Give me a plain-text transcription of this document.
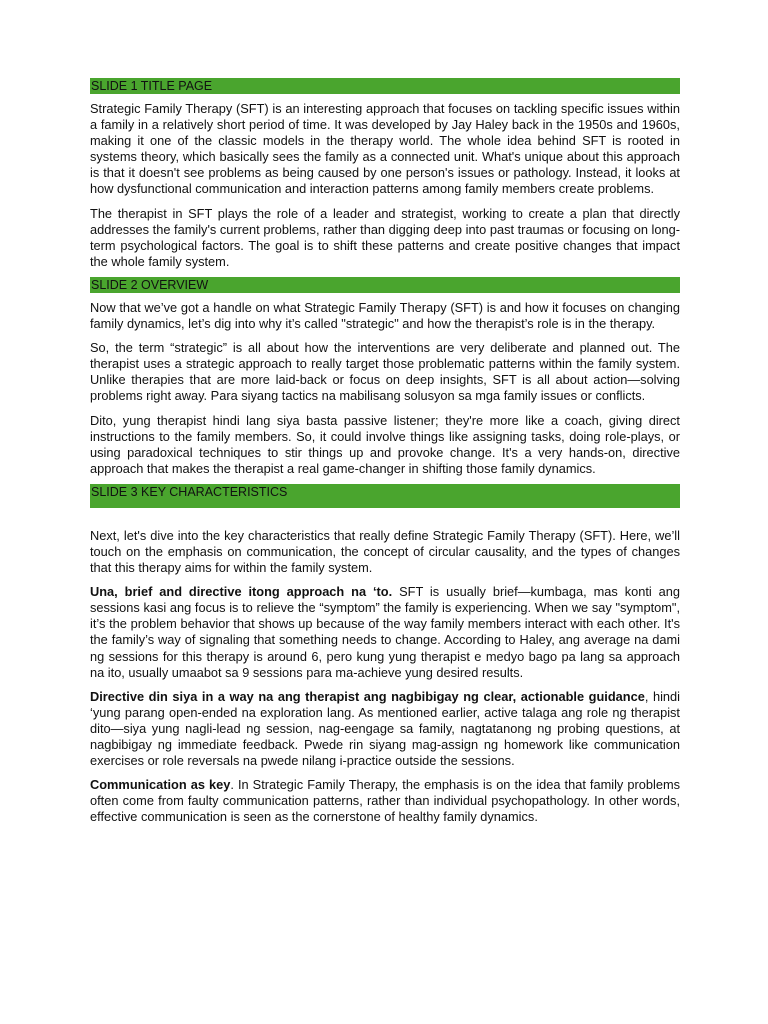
SLIDE 1 TITLE PAGE

Strategic Family Therapy (SFT) is an interesting approach that focuses on tackling specific issues within a family in a relatively short period of time. It was developed by Jay Haley back in the 1950s and 1960s, making it one of the classic models in the therapy world. The whole idea behind SFT is rooted in systems theory, which basically sees the family as a connected unit. What's unique about this approach is that it doesn't see problems as being caused by one person's issues or pathology. Instead, it looks at how dysfunctional communication and interaction patterns among family members create problems.

The therapist in SFT plays the role of a leader and strategist, working to create a plan that directly addresses the family's current problems, rather than digging deep into past traumas or focusing on long-term psychological factors. The goal is to shift these patterns and create positive changes that impact the whole family system.

SLIDE 2 OVERVIEW

Now that we’ve got a handle on what Strategic Family Therapy (SFT) is and how it focuses on changing family dynamics, let’s dig into why it’s called "strategic" and how the therapist’s role is in the therapy.

So, the term “strategic” is all about how the interventions are very deliberate and planned out. The therapist uses a strategic approach to really target those problematic patterns within the family system. Unlike therapies that are more laid-back or focus on deep insights, SFT is all about action—solving problems right away. Para siyang tactics na mabilisang solusyon sa mga family issues or conflicts.

Dito, yung therapist hindi lang siya basta passive listener; they're more like a coach, giving direct instructions to the family members. So, it could involve things like assigning tasks, doing role-plays, or using paradoxical techniques to stir things up and provoke change. It's a very hands-on, directive approach that makes the therapist a real game-changer in shifting those family dynamics.

SLIDE 3 KEY CHARACTERISTICS

Next, let's dive into the key characteristics that really define Strategic Family Therapy (SFT). Here, we’ll touch on the emphasis on communication, the concept of circular causality, and the types of changes that this therapy aims for within the family system.

Una, brief and directive itong approach na ‘to. SFT is usually brief—kumbaga, mas konti ang sessions kasi ang focus is to relieve the “symptom” the family is experiencing. When we say "symptom", it’s the problem behavior that shows up because of the way family members interact with each other. It's the family’s way of signaling that something needs to change. According to Haley, ang average na dami ng sessions for this therapy is around 6, pero kung yung therapist e medyo bago pa lang sa approach na ito, usually umaabot sa 9 sessions para ma-achieve yung desired results.

Directive din siya in a way na ang therapist ang nagbibigay ng clear, actionable guidance, hindi ‘yung parang open-ended na exploration lang. As mentioned earlier, active talaga ang role ng therapist dito—siya yung nagli-lead ng session, nag-eengage sa family, nagtatanong ng probing questions, at nagbibigay ng immediate feedback. Pwede rin siyang mag-assign ng homework like communication exercises or role reversals na pwede nilang i-practice outside the sessions.

Communication as key. In Strategic Family Therapy, the emphasis is on the idea that family problems often come from faulty communication patterns, rather than individual psychopathology. In other words, effective communication is seen as the cornerstone of healthy family dynamics.
